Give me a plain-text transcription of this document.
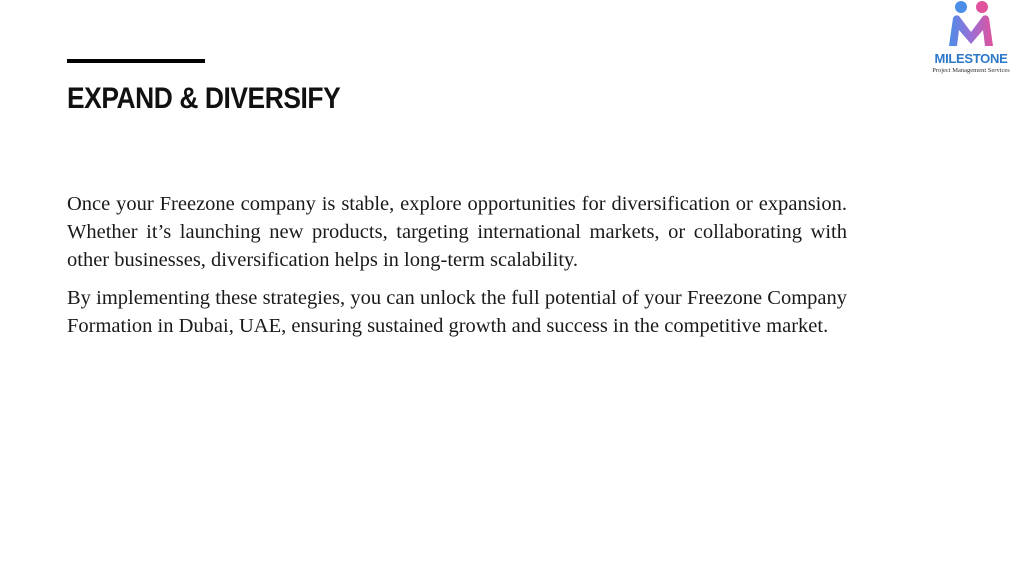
EXPAND & DIVERSIFY

Once your Freezone company is stable, explore opportunities for diversification or expansion. Whether it’s launching new products, targeting international markets, or collaborating with other businesses, diversification helps in long-term scalability.

By implementing these strategies, you can unlock the full potential of your Freezone Company Formation in Dubai, UAE, ensuring sustained growth and success in the competitive market.

MILESTONE
Project Management Services
